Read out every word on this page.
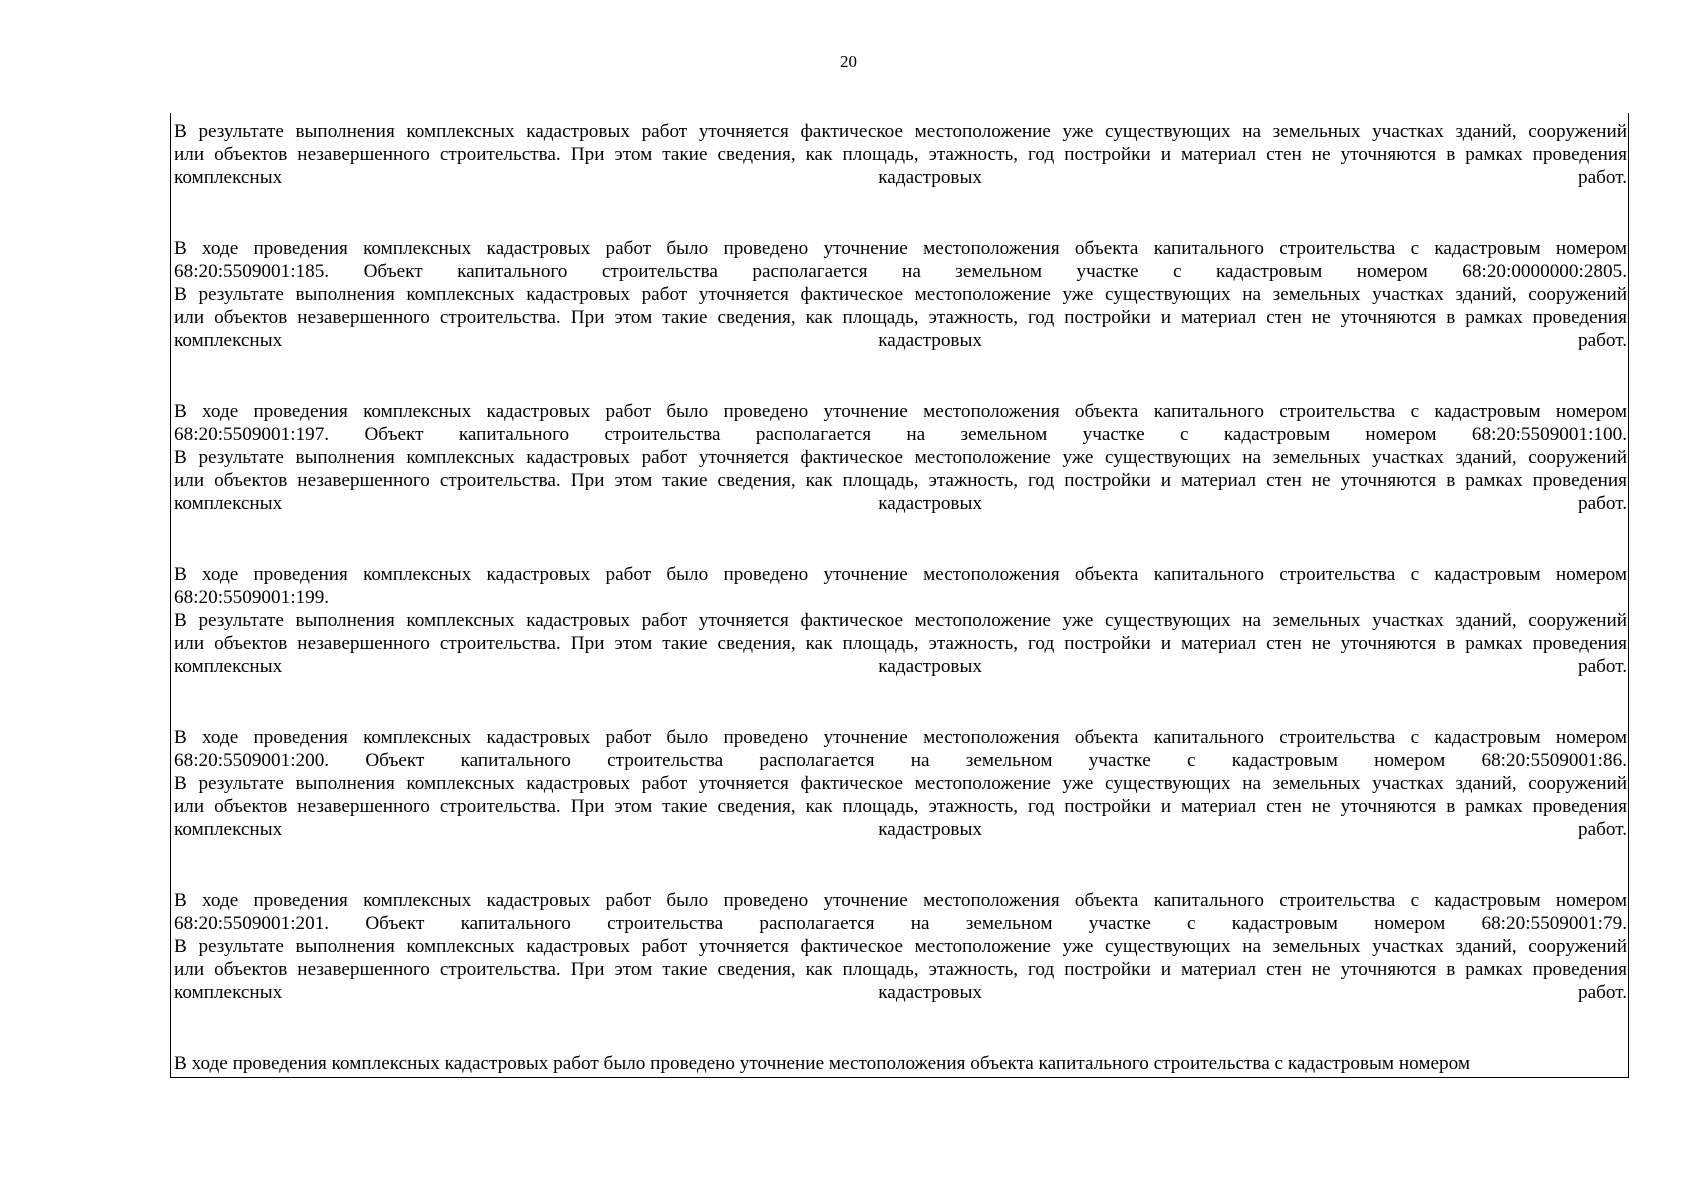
20
В результате выполнения комплексных кадастровых работ уточняется фактическое местоположение уже существующих на земельных участках зданий, сооружений
или объектов незавершенного строительства. При этом такие сведения, как площадь, этажность, год постройки и материал стен не уточняются в рамках проведения
комплексных кадастровых работ.
В ходе проведения комплексных кадастровых работ было проведено уточнение местоположения объекта капитального строительства с кадастровым номером
68:20:5509001:185. Объект капитального строительства располагается на земельном участке с кадастровым номером 68:20:0000000:2805.
В результате выполнения комплексных кадастровых работ уточняется фактическое местоположение уже существующих на земельных участках зданий, сооружений
или объектов незавершенного строительства. При этом такие сведения, как площадь, этажность, год постройки и материал стен не уточняются в рамках проведения
комплексных кадастровых работ.
В ходе проведения комплексных кадастровых работ было проведено уточнение местоположения объекта капитального строительства с кадастровым номером
68:20:5509001:197. Объект капитального строительства располагается на земельном участке с кадастровым номером 68:20:5509001:100.
В результате выполнения комплексных кадастровых работ уточняется фактическое местоположение уже существующих на земельных участках зданий, сооружений
или объектов незавершенного строительства. При этом такие сведения, как площадь, этажность, год постройки и материал стен не уточняются в рамках проведения
комплексных кадастровых работ.
В ходе проведения комплексных кадастровых работ было проведено уточнение местоположения объекта капитального строительства с кадастровым номером
68:20:5509001:199.
В результате выполнения комплексных кадастровых работ уточняется фактическое местоположение уже существующих на земельных участках зданий, сооружений
или объектов незавершенного строительства. При этом такие сведения, как площадь, этажность, год постройки и материал стен не уточняются в рамках проведения
комплексных кадастровых работ.
В ходе проведения комплексных кадастровых работ было проведено уточнение местоположения объекта капитального строительства с кадастровым номером
68:20:5509001:200. Объект капитального строительства располагается на земельном участке с кадастровым номером 68:20:5509001:86.
В результате выполнения комплексных кадастровых работ уточняется фактическое местоположение уже существующих на земельных участках зданий, сооружений
или объектов незавершенного строительства. При этом такие сведения, как площадь, этажность, год постройки и материал стен не уточняются в рамках проведения
комплексных кадастровых работ.
В ходе проведения комплексных кадастровых работ было проведено уточнение местоположения объекта капитального строительства с кадастровым номером
68:20:5509001:201. Объект капитального строительства располагается на земельном участке с кадастровым номером 68:20:5509001:79.
В результате выполнения комплексных кадастровых работ уточняется фактическое местоположение уже существующих на земельных участках зданий, сооружений
или объектов незавершенного строительства. При этом такие сведения, как площадь, этажность, год постройки и материал стен не уточняются в рамках проведения
комплексных кадастровых работ.
В ходе проведения комплексных кадастровых работ было проведено уточнение местоположения объекта капитального строительства с кадастровым номером
